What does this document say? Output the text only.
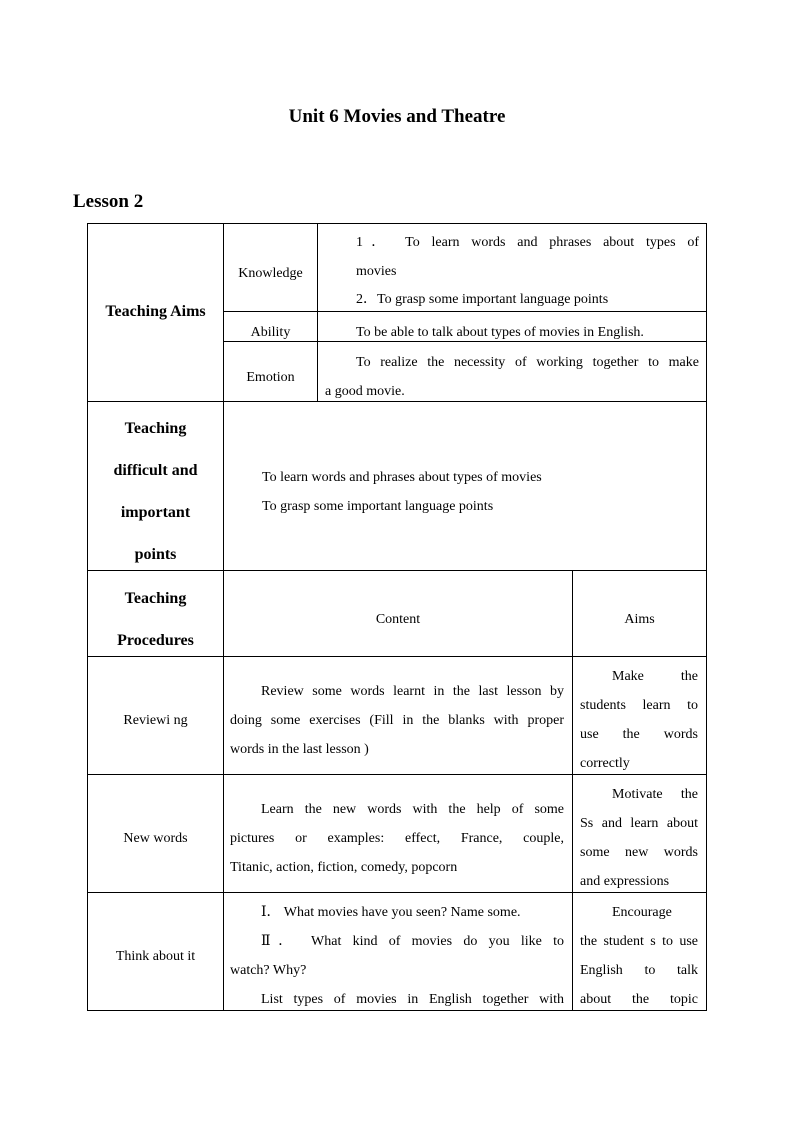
Unit 6 Movies and Theatre
Lesson 2
Teaching Aims
Knowledge
1． To learn words and phrases about types of
movies
2．To grasp some important language points
Ability	To be able to talk about types of movies in English.
Emotion
To realize the necessity of working together to make
a good movie.
Teaching
difficult and
important
points
To learn words and phrases about types of movies
To grasp some important language points
Teaching
Procedures
Content	Aims
Reviewi ng
Review some words learnt in the last lesson by
doing some exercises (Fill in the blanks with proper
words in the last lesson )
Make the
students learn to
use the words
correctly
New words
Learn the new words with the help of some
pictures or examples: effect, France, couple,
Titanic, action, fiction, comedy, popcorn
Motivate the
Ss and learn about
some new words
and expressions
Think about it
Ⅰ． What movies have you seen? Name some.
Ⅱ． What kind of movies do you like to
watch? Why?
List types of movies in English together with
Encourage
the student s to use
English to talk
about the topic
